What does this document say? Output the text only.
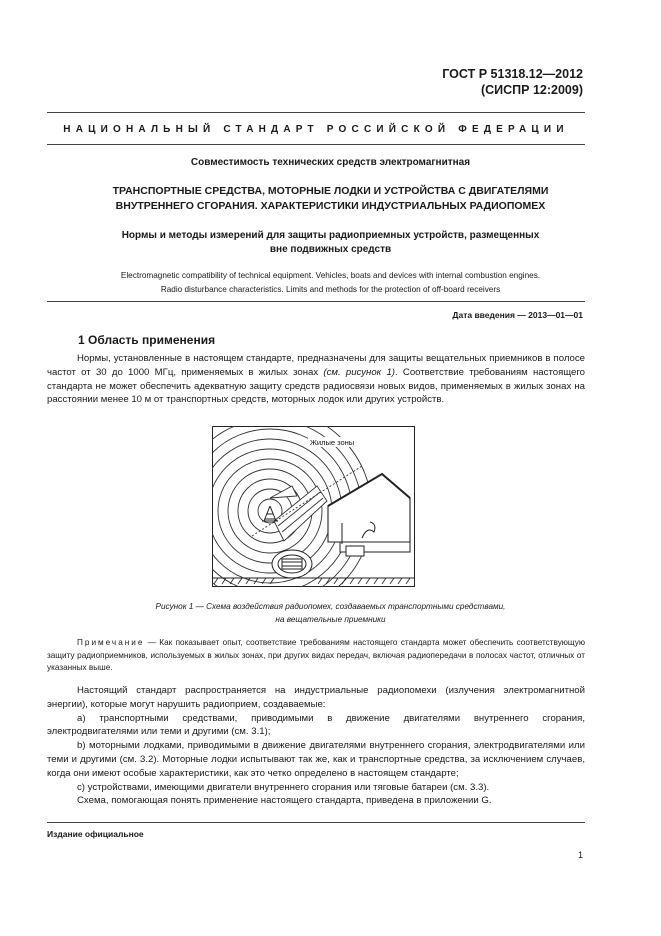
ГОСТ Р 51318.12—2012
(СИСПР 12:2009)
НАЦИОНАЛЬНЫЙ СТАНДАРТ РОССИЙСКОЙ ФЕДЕРАЦИИ
Совместимость технических средств электромагнитная
ТРАНСПОРТНЫЕ СРЕДСТВА, МОТОРНЫЕ ЛОДКИ И УСТРОЙСТВА С ДВИГАТЕЛЯМИ
ВНУТРЕННЕГО СГОРАНИЯ. ХАРАКТЕРИСТИКИ ИНДУСТРИАЛЬНЫХ РАДИОПОМЕХ
Нормы и методы измерений для защиты радиоприемных устройств, размещенных
вне подвижных средств
Electromagnetic compatibility of technical equipment. Vehicles, boats and devices with internal combustion engines.
Radio disturbance characteristics. Limits and methods for the protection of off-board receivers
Дата введения — 2013—01—01
1 Область применения

Нормы, установленные в настоящем стандарте, предназначены для защиты вещательных приемников в полосе частот от 30 до 1000 МГц, применяемых в жилых зонах (см. рисунок 1). Соответствие требованиям настоящего стандарта не может обеспечить адекватную защиту средств радиосвязи новых видов, применяемых в жилых зонах на расстоянии менее 10 м от транспортных средств, моторных лодок или других устройств.

Жилые зоны
Рисунок 1 — Схема воздействия радиопомех, создаваемых транспортными средствами,
на вещательные приемники
Примечание — Как показывает опыт, соответствие требованиям настоящего стандарта может обеспечить соответствующую защиту радиоприемников, используемых в жилых зонах, при других видах передач, включая радиопередачи в полосах частот, отличных от указанных выше.

Настоящий стандарт распространяется на индустриальные радиопомехи (излучения электромагнитной энергии), которые могут нарушить радиоприем, создаваемые:

a) транспортными средствами, приводимыми в движение двигателями внутреннего сгорания, электродвигателями или теми и другими (см. 3.1);

b) моторными лодками, приводимыми в движение двигателями внутреннего сгорания, электродвигателями или теми и другими (см. 3.2). Моторные лодки испытывают так же, как и транспортные средства, за исключением случаев, когда они имеют особые характеристики, как это четко определено в настоящем стандарте;

c) устройствами, имеющими двигатели внутреннего сгорания или тяговые батареи (см. 3.3).

Схема, помогающая понять применение настоящего стандарта, приведена в приложении G.

Издание официальное
1
